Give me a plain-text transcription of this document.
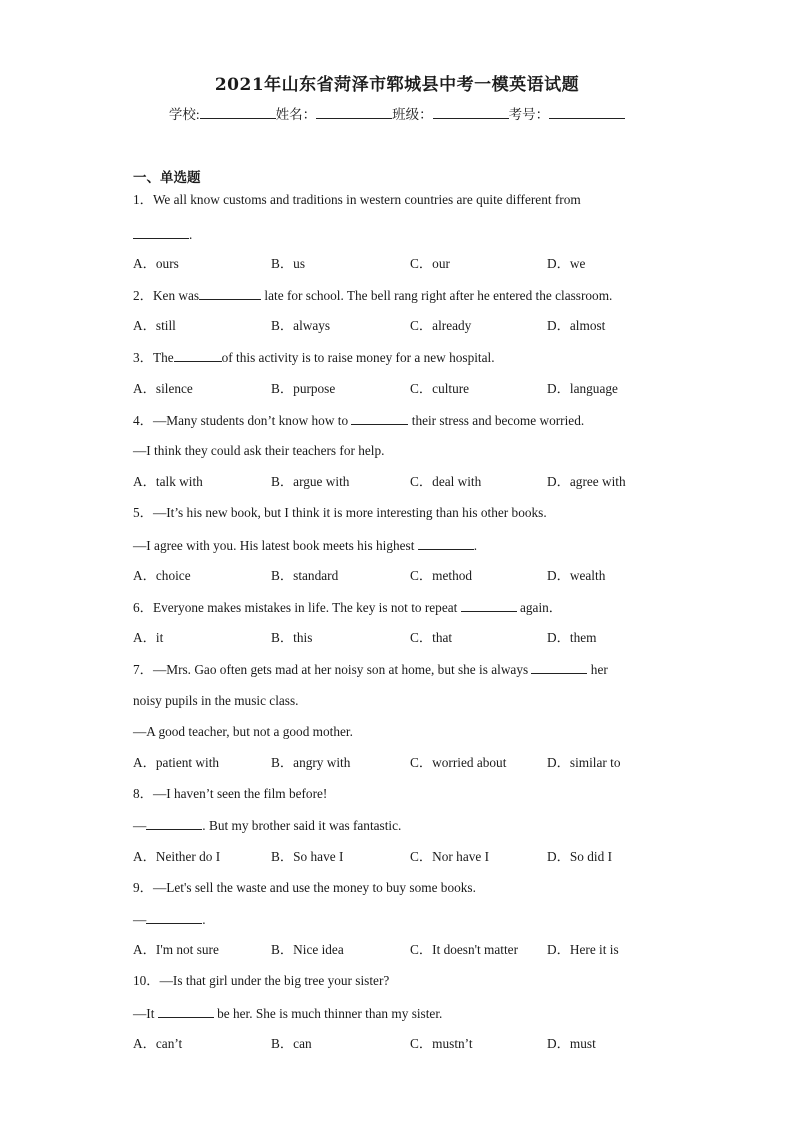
2021年山东省菏泽市郓城县中考一模英语试题
学校:	姓名：	班级：	考号：
一、单选题
1．We all know customs and traditions in western countries are quite different from
.
A．ours	B．us	C．our	D．we
2．Ken was	late for school. The bell rang right after he entered the classroom.
A．still	B．always	C．already	D．almost
3．The	of this activity is to raise money for a new hospital.
A．silence	B．purpose	C．culture	D．language
4．—Many students don’t know how to	their stress and become worried.
—I think they could ask their teachers for help.
A．talk with	B．argue with	C．deal with	D．agree with
5．—It’s his new book, but I think it is more interesting than his other books.
—I agree with you. His latest book meets his highest	.
A．choice	B．standard	C．method	D．wealth
6．Everyone makes mistakes in life. The key is not to repeat	again．
A．it	B．this	C．that	D．them
7．—Mrs. Gao often gets mad at her noisy son at home, but she is always	her
noisy pupils in the music class.
—A good teacher, but not a good mother.
A．patient with	B．angry with	C．worried about	D．similar to
8．—I haven’t seen the film before!
—	. But my brother said it was fantastic.
A．Neither do I	B．So have I	C．Nor have I	D．So did I
9．—Let's sell the waste and use the money to buy some books.
—	.
A．I'm not sure	B．Nice idea	C．It doesn't matter D．Here it is
10．—Is that girl under the big tree your sister?
—It	be her. She is much thinner than my sister.
A．can’t	B．can	C．mustn’t	D．must
